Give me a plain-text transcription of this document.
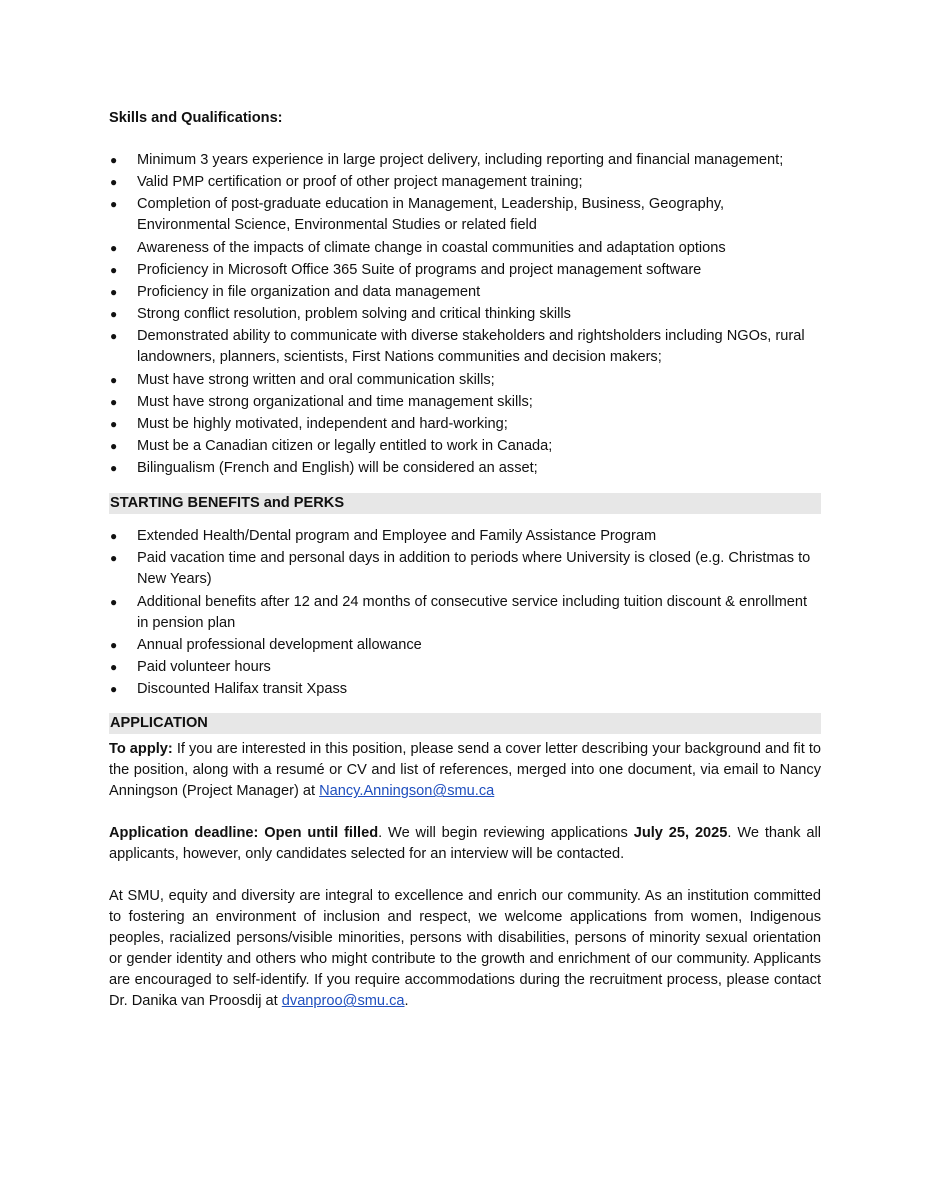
Skills and Qualifications:

● Minimum 3 years experience in large project delivery, including reporting and financial management;
● Valid PMP certification or proof of other project management training;
● Completion of post-graduate education in Management, Leadership, Business, Geography, Environmental Science, Environmental Studies or related field
● Awareness of the impacts of climate change in coastal communities and adaptation options
● Proficiency in Microsoft Office 365 Suite of programs and project management software
● Proficiency in file organization and data management
● Strong conflict resolution, problem solving and critical thinking skills
● Demonstrated ability to communicate with diverse stakeholders and rightsholders including NGOs, rural landowners, planners, scientists, First Nations communities and decision makers;
● Must have strong written and oral communication skills;
● Must have strong organizational and time management skills;
● Must be highly motivated, independent and hard-working;
● Must be a Canadian citizen or legally entitled to work in Canada;
● Bilingualism (French and English) will be considered an asset;
STARTING BENEFITS and PERKS
● Extended Health/Dental program and Employee and Family Assistance Program
● Paid vacation time and personal days in addition to periods where University is closed (e.g. Christmas to New Years)
● Additional benefits after 12 and 24 months of consecutive service including tuition discount & enrollment in pension plan
● Annual professional development allowance
● Paid volunteer hours
● Discounted Halifax transit Xpass
APPLICATION

To apply: If you are interested in this position, please send a cover letter describing your background and fit to the position, along with a resumé or CV and list of references, merged into one document, via email to Nancy Anningson (Project Manager) at Nancy.Anningson@smu.ca

Application deadline: Open until filled. We will begin reviewing applications July 25, 2025. We thank all applicants, however, only candidates selected for an interview will be contacted.

At SMU, equity and diversity are integral to excellence and enrich our community. As an institution committed to fostering an environment of inclusion and respect, we welcome applications from women, Indigenous peoples, racialized persons/visible minorities, persons with disabilities, persons of minority sexual orientation or gender identity and others who might contribute to the growth and enrichment of our community. Applicants are encouraged to self-identify. If you require accommodations during the recruitment process, please contact Dr. Danika van Proosdij at dvanproo@smu.ca.
